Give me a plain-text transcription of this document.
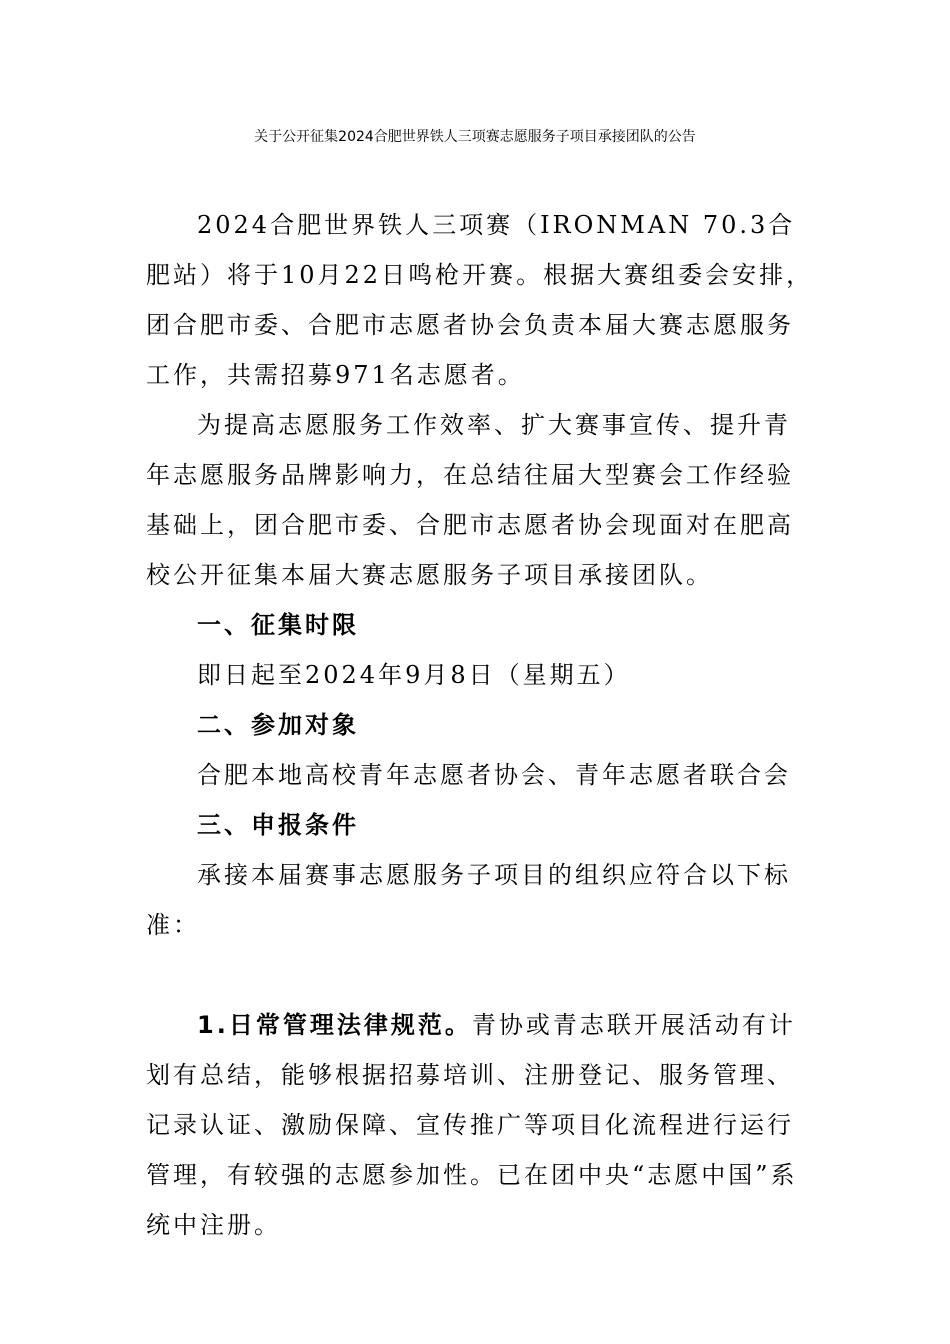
关于公开征集2024合肥世界铁人三项赛志愿服务子项目承接团队的公告

2024合肥世界铁人三项赛（IRONMAN 70.3合肥站）将于10月22日鸣枪开赛。根据大赛组委会安排，团合肥市委、合肥市志愿者协会负责本届大赛志愿服务工作，共需招募971名志愿者。

为提高志愿服务工作效率、扩大赛事宣传、提升青年志愿服务品牌影响力，在总结往届大型赛会工作经验基础上，团合肥市委、合肥市志愿者协会现面对在肥高校公开征集本届大赛志愿服务子项目承接团队。

一、征集时限

即日起至2024年9月8日（星期五）

二、参加对象

合肥本地高校青年志愿者协会、青年志愿者联合会

三、申报条件

承接本届赛事志愿服务子项目的组织应符合以下标准：

1.日常管理法律规范。青协或青志联开展活动有计划有总结，能够根据招募培训、注册登记、服务管理、记录认证、激励保障、宣传推广等项目化流程进行运行管理，有较强的志愿参加性。已在团中央“志愿中国”系统中注册。
